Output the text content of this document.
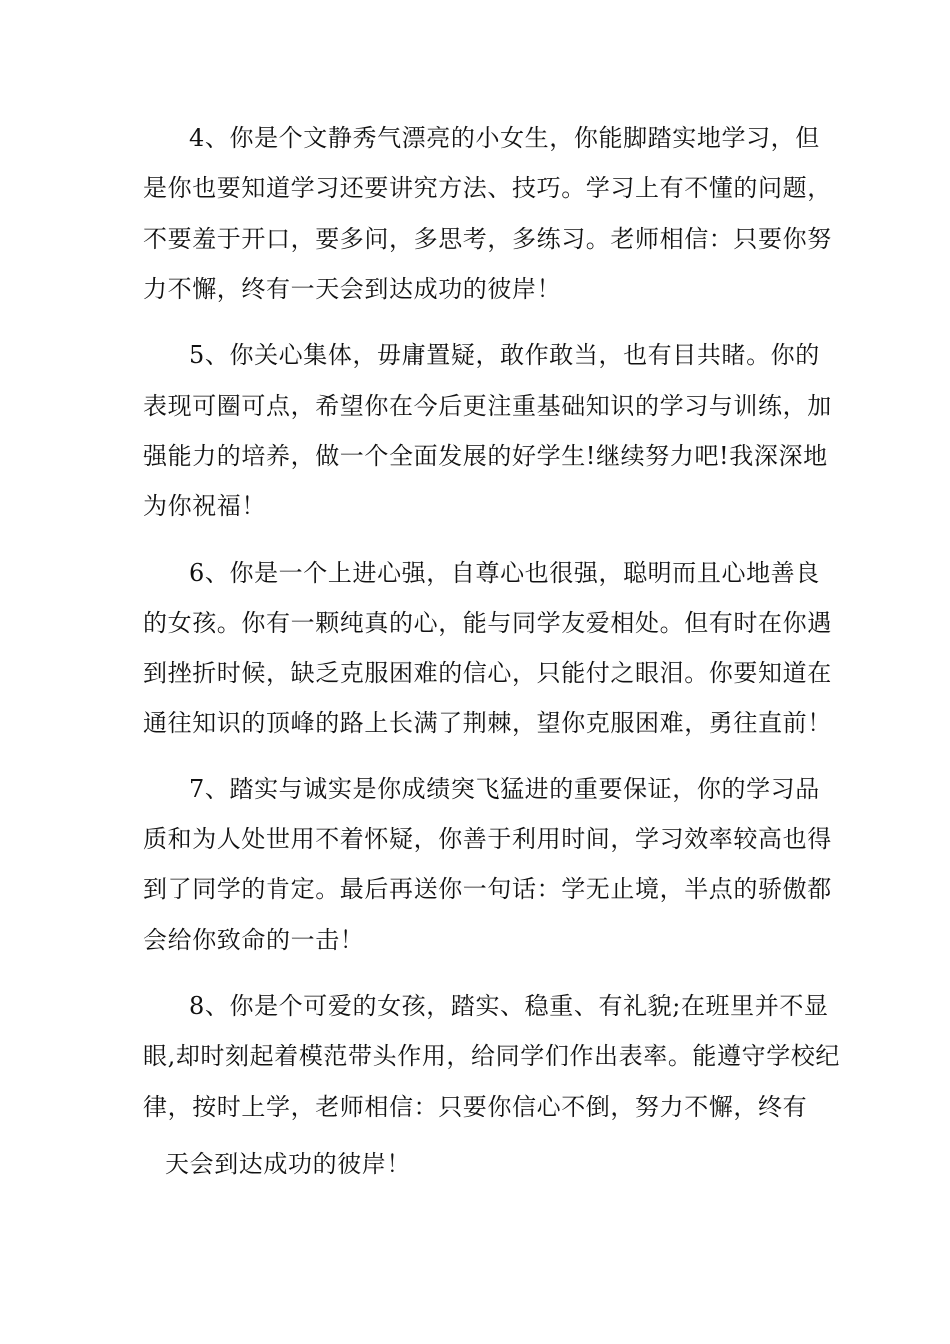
4、你是个文静秀气漂亮的小女生，你能脚踏实地学习，但
是你也要知道学习还要讲究方法、技巧。学习上有不懂的问题，
不要羞于开口，要多问，多思考，多练习。老师相信：只要你努
力不懈，终有一天会到达成功的彼岸！
5、你关心集体，毋庸置疑，敢作敢当，也有目共睹。你的
表现可圈可点，希望你在今后更注重基础知识的学习与训练，加
强能力的培养，做一个全面发展的好学生!继续努力吧!我深深地
为你祝福！
6、你是一个上进心强，自尊心也很强，聪明而且心地善良
的女孩。你有一颗纯真的心，能与同学友爱相处。但有时在你遇
到挫折时候，缺乏克服困难的信心，只能付之眼泪。你要知道在
通往知识的顶峰的路上长满了荆棘，望你克服困难，勇往直前！
7、踏实与诚实是你成绩突飞猛进的重要保证，你的学习品
质和为人处世用不着怀疑，你善于利用时间，学习效率较高也得
到了同学的肯定。最后再送你一句话：学无止境，半点的骄傲都
会给你致命的一击！
8、你是个可爱的女孩，踏实、稳重、有礼貌;在班里并不显
眼,却时刻起着模范带头作用，给同学们作出表率。能遵守学校纪
律，按时上学，老师相信：只要你信心不倒，努力不懈，终有
天会到达成功的彼岸！
